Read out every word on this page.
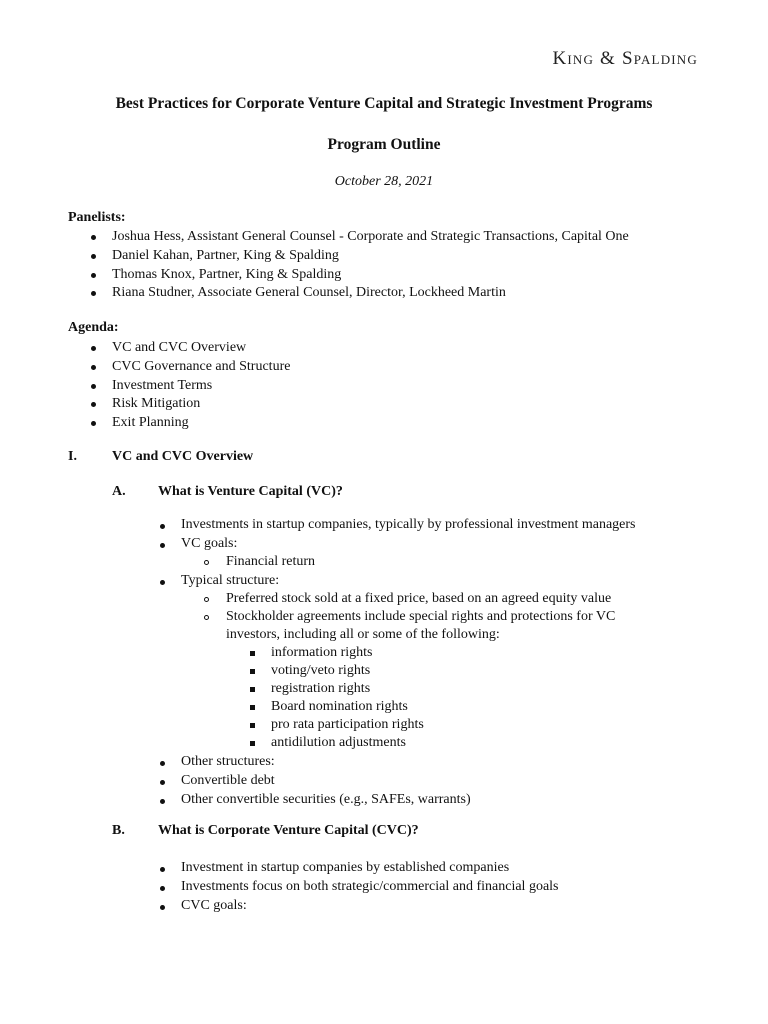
King & Spalding
Best Practices for Corporate Venture Capital and Strategic Investment Programs
Program Outline
October 28, 2021
Panelists:
Joshua Hess, Assistant General Counsel - Corporate and Strategic Transactions, Capital One
Daniel Kahan, Partner, King & Spalding
Thomas Knox, Partner, King & Spalding
Riana Studner, Associate General Counsel, Director, Lockheed Martin
Agenda:
VC and CVC Overview
CVC Governance and Structure
Investment Terms
Risk Mitigation
Exit Planning
I.	VC and CVC Overview
A. What is Venture Capital (VC)?
Investments in startup companies, typically by professional investment managers
VC goals:
Financial return
Typical structure:
Preferred stock sold at a fixed price, based on an agreed equity value
Stockholder agreements include special rights and protections for VC
investors, including all or some of the following:
information rights
voting/veto rights
registration rights
Board nomination rights
pro rata participation rights
antidilution adjustments
Other structures:
Convertible debt
Other convertible securities (e.g., SAFEs, warrants)
B. What is Corporate Venture Capital (CVC)?
Investment in startup companies by established companies
Investments focus on both strategic/commercial and financial goals
CVC goals:
